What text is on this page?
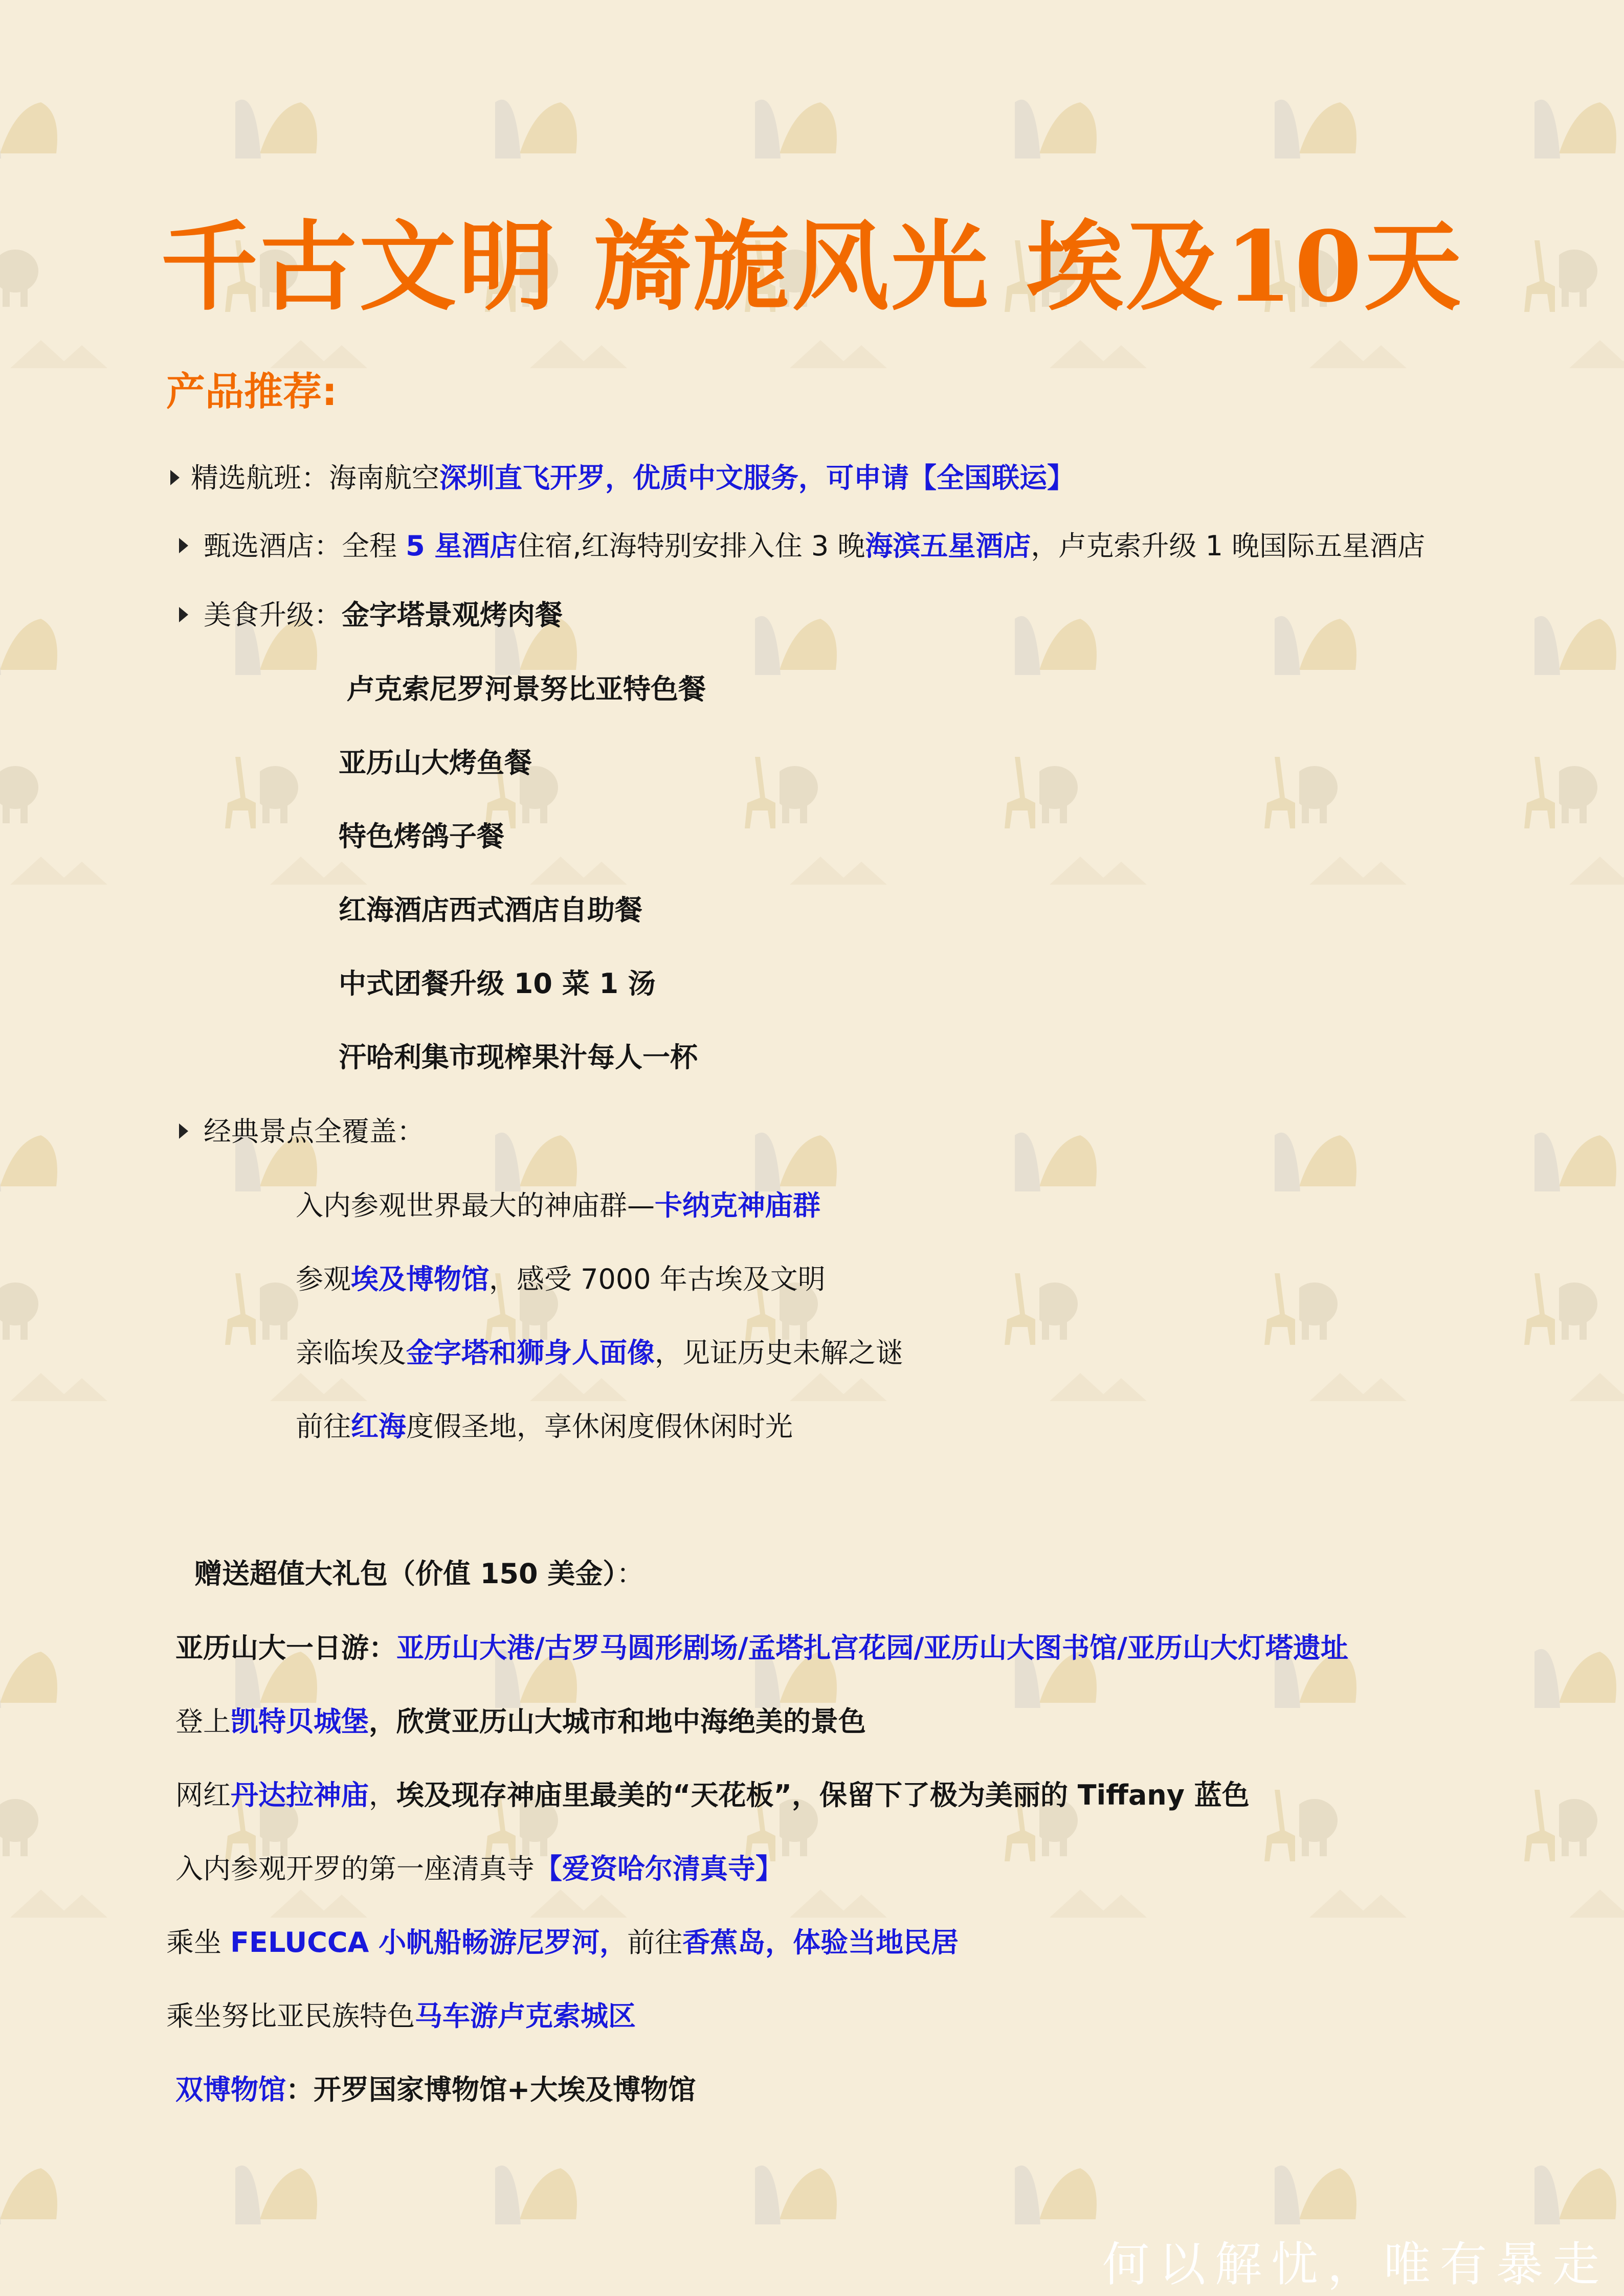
千古文明 旖旎风光 埃及10天
产品推荐:
精选航班：海南航空深圳直飞开罗，优质中文服务，可申请【全国联运】
甄选酒店：全程 5 星酒店住宿,红海特别安排入住 3 晚海滨五星酒店，卢克索升级 1 晚国际五星酒店
美食升级：金字塔景观烤肉餐
卢克索尼罗河景努比亚特色餐
亚历山大烤鱼餐
特色烤鸽子餐
红海酒店西式酒店自助餐
中式团餐升级 10 菜 1 汤
汗哈利集市现榨果汁每人一杯
经典景点全覆盖：
入内参观世界最大的神庙群—卡纳克神庙群
参观埃及博物馆，感受 7000 年古埃及文明
亲临埃及金字塔和狮身人面像，见证历史未解之谜
前往红海度假圣地，享休闲度假休闲时光
赠送超值大礼包（价值 150 美金）：
亚历山大一日游：亚历山大港/古罗马圆形剧场/孟塔扎宫花园/亚历山大图书馆/亚历山大灯塔遗址
登上凯特贝城堡，欣赏亚历山大城市和地中海绝美的景色
网红丹达拉神庙，埃及现存神庙里最美的“天花板”，保留下了极为美丽的 Tiffany 蓝色
入内参观开罗的第一座清真寺【爱资哈尔清真寺】
乘坐 FELUCCA 小帆船畅游尼罗河，前往香蕉岛，体验当地民居
乘坐努比亚民族特色马车游卢克索城区
双博物馆：开罗国家博物馆+大埃及博物馆
何以解忧，唯有暴走
